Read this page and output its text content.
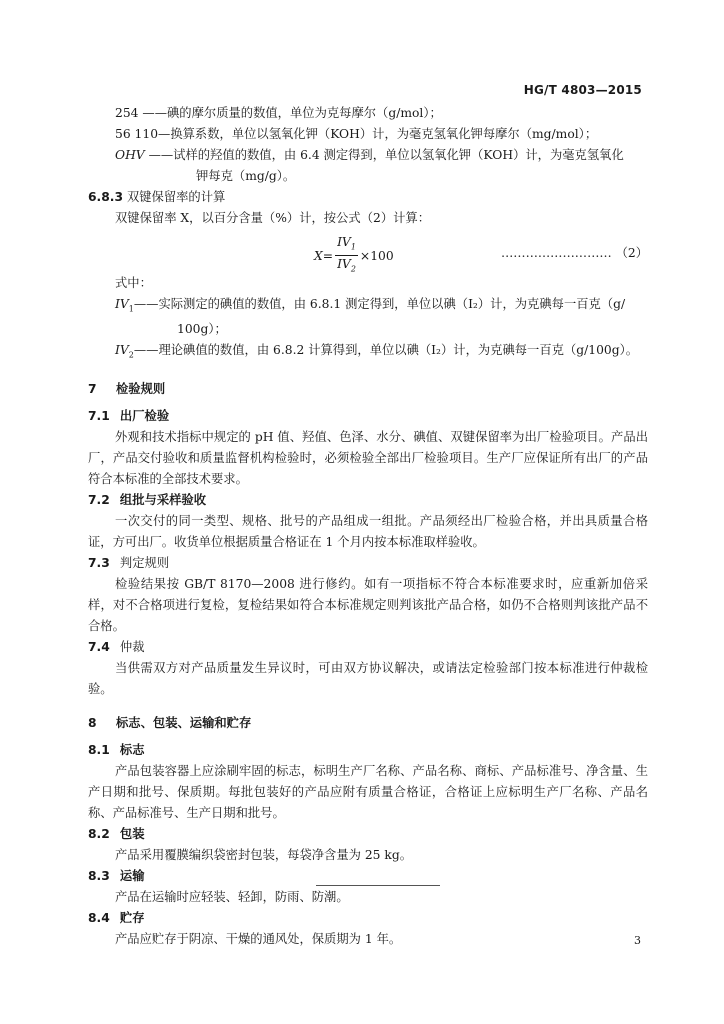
HG/T 4803—2015
254 ——碘的摩尔质量的数值，单位为克每摩尔（g/mol）；
56 110—换算系数，单位以氢氧化钾（KOH）计，为毫克氢氧化钾每摩尔（mg/mol）；
OHV ——试样的羟值的数值，由 6.4 测定得到，单位以氢氧化钾（KOH）计，为毫克氢氧化
钾每克（mg/g）。
6.8.3 双键保留率的计算
双键保留率 X，以百分含量（%）计，按公式（2）计算：
$X = \frac{IV_1}{IV_2} \times 100$	……………………… （2）
式中：
$IV_1——$实际测定的碘值的数值，由 6.8.1 测定得到，单位以碘（I₂）计，为克碘每一百克（g/
100g）；
$IV_2——$理论碘值的数值，由 6.8.2 计算得到，单位以碘（I₂）计，为克碘每一百克（g/100g）。
7 检验规则
7.1 出厂检验
外观和技术指标中规定的 pH 值、羟值、色泽、水分、碘值、双键保留率为出厂检验项目。产品出厂，产品交付验收和质量监督机构检验时，必须检验全部出厂检验项目。生产厂应保证所有出厂的产品符合本标准的全部技术要求。
7.2 组批与采样验收
一次交付的同一类型、规格、批号的产品组成一组批。产品须经出厂检验合格，并出具质量合格证，方可出厂。收货单位根据质量合格证在 1 个月内按本标准取样验收。
7.3 判定规则
检验结果按 GB/T 8170—2008 进行修约。如有一项指标不符合本标准要求时，应重新加倍采样，对不合格项进行复检，复检结果如符合本标准规定则判该批产品合格，如仍不合格则判该批产品不合格。
7.4 仲裁
当供需双方对产品质量发生异议时，可由双方协议解决，或请法定检验部门按本标准进行仲裁检验。
8 标志、包装、运输和贮存
8.1 标志
产品包装容器上应涂刷牢固的标志，标明生产厂名称、产品名称、商标、产品标准号、净含量、生产日期和批号、保质期。每批包装好的产品应附有质量合格证，合格证上应标明生产厂名称、产品名称、产品标准号、生产日期和批号。
8.2 包装
产品采用覆膜编织袋密封包装，每袋净含量为 25 kg。
8.3 运输
产品在运输时应轻装、轻卸，防雨、防潮。
8.4 贮存
产品应贮存于阴凉、干燥的通风处，保质期为 1 年。	3
